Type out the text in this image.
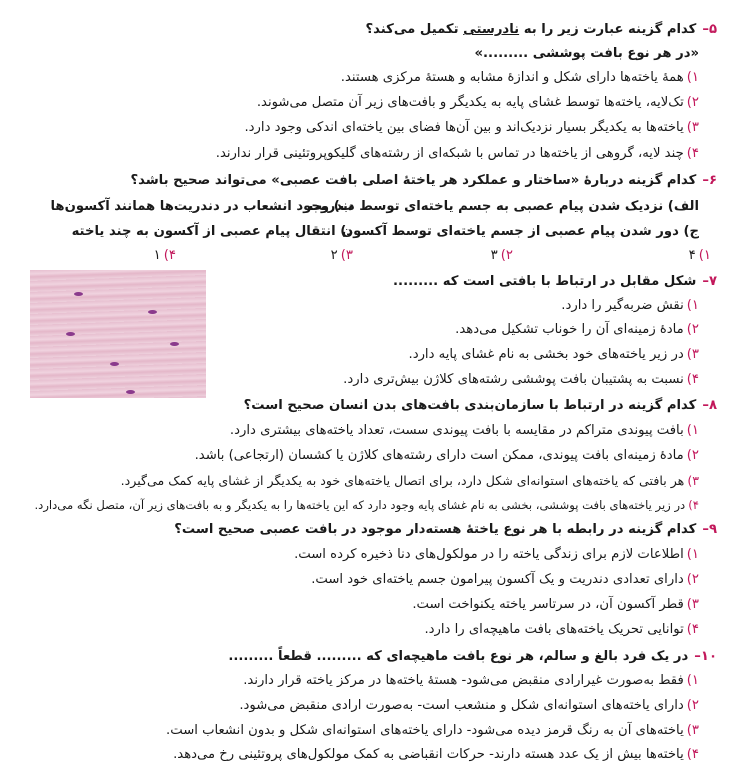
۵–کدام گزینه عبارت زیر را به نادرستی تکمیل می‌کند؟
«در هر نوع بافت پوششی .........»
۱)همهٔ یاخته‌ها دارای شکل و اندازهٔ مشابه و هستهٔ مرکزی هستند.
۲)تک‌لایه، یاخته‌ها توسط غشای پایه به یکدیگر و بافت‌های زیر آن متصل می‌شوند.
۳)یاخته‌ها به یکدیگر بسیار نزدیک‌اند و بین آن‌ها فضای بین یاخته‌ای اندکی وجود دارد.
۴)چند لایه، گروهی از یاخته‌ها در تماس با شبکه‌ای از رشته‌های گلیکوپروتئینی قرار ندارند.
۶–کدام گزینه دربارهٔ «ساختار و عملکرد هر یاختهٔ اصلی بافت عصبی» می‌تواند صحیح باشد؟
الف) نزدیک شدن پیام عصبی به جسم یاخته‌ای توسط دندریت
ب) وجود انشعاب در دندریت‌ها همانند آکسون‌ها
ج) دور شدن پیام عصبی از جسم یاخته‌ای توسط آکسون
د) انتقال پیام عصبی از آکسون به چند یاخته
۱)۴
۲)۳
۳)۲
۴)۱
۷–شکل مقابل در ارتباط با بافتی است که .........
۱)نقش ضربه‌گیر را دارد.
۲)مادهٔ زمینه‌ای آن را خوناب تشکیل می‌دهد.
۳)در زیر یاخته‌های خود بخشی به نام غشای پایه دارد.
۴)نسبت به پشتیبان بافت پوششی رشته‌های کلاژن بیش‌تری دارد.
۸–کدام گزینه در ارتباط با سازمان‌بندی بافت‌های بدن انسان صحیح است؟
۱)بافت پیوندی متراکم در مقایسه با بافت پیوندی سست، تعداد یاخته‌های بیشتری دارد.
۲)مادهٔ زمینه‌ای بافت پیوندی، ممکن است دارای رشته‌های کلاژن یا کشسان (ارتجاعی) باشد.
۳)هر بافتی که یاخته‌های استوانه‌ای شکل دارد، برای اتصال یاخته‌های خود به یکدیگر از غشای پایه کمک می‌گیرد.
۴)در زیر یاخته‌های بافت پوششی، بخشی به نام غشای پایه وجود دارد که این یاخته‌ها را به یکدیگر و به بافت‌های زیر آن، متصل نگه می‌دارد.
۹–کدام گزینه در رابطه با هر نوع یاختهٔ هسته‌دار موجود در بافت عصبی صحیح است؟
۱)اطلاعات لازم برای زندگی یاخته را در مولکول‌های دنا ذخیره کرده است.
۲)دارای تعدادی دندریت و یک آکسون پیرامون جسم یاخته‌ای خود است.
۳)قطر آکسون آن، در سرتاسر یاخته یکنواخت است.
۴)توانایی تحریک یاخته‌های بافت ماهیچه‌ای را دارد.
۱۰–در یک فرد بالغ و سالم، هر نوع بافت ماهیچه‌ای که ......... قطعاً .........
۱)فقط به‌صورت غیرارادی منقبض می‌شود- هستهٔ یاخته‌ها در مرکز یاخته قرار دارند.
۲)دارای یاخته‌های استوانه‌ای شکل و منشعب است- به‌صورت ارادی منقبض می‌شود.
۳)یاخته‌های آن به رنگ قرمز دیده می‌شود- دارای یاخته‌های استوانه‌ای شکل و بدون انشعاب است.
۴)یاخته‌ها بیش از یک عدد هسته دارند- حرکات انقباضی به کمک مولکول‌های پروتئینی رخ می‌دهد.
